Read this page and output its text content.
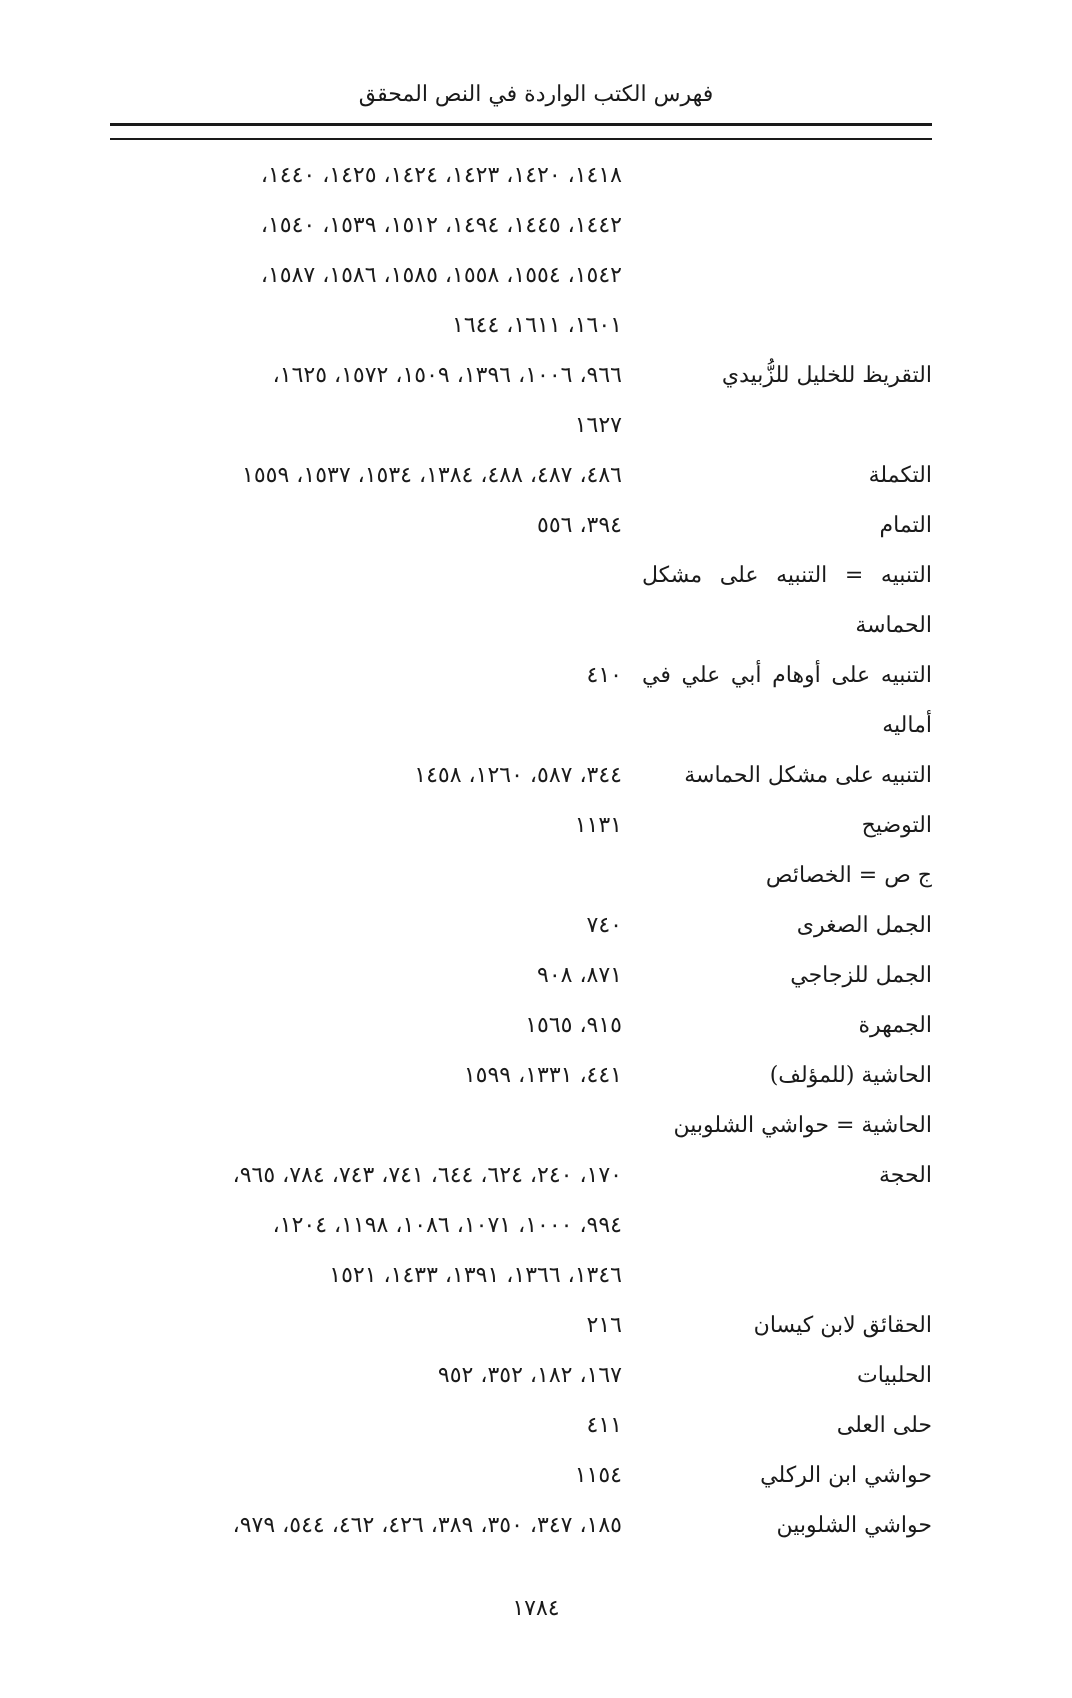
فهرس الكتب الواردة في النص المحقق
١٤١٨، ١٤٢٠، ١٤٢٣، ١٤٢٤، ١٤٢٥، ١٤٤٠،
١٤٤٢، ١٤٤٥، ١٤٩٤، ١٥١٢، ١٥٣٩، ١٥٤٠،
١٥٤٢، ١٥٥٤، ١٥٥٨، ١٥٨٥، ١٥٨٦، ١٥٨٧،
١٦٠١، ١٦١١، ١٦٤٤
التقريظ للخليل للزُّبيدي
٩٦٦، ١٠٠٦، ١٣٩٦، ١٥٠٩، ١٥٧٢، ١٦٢٥،
١٦٢٧
التكملة
٤٨٦، ٤٨٧، ٤٨٨، ١٣٨٤، ١٥٣٤، ١٥٣٧، ١٥٥٩
التمام
٣٩٤، ٥٥٦
التنبيه = التنبيه على مشكل
الحماسة
التنبيه على أوهام أبي علي في
٤١٠
أماليه
التنبيه على مشكل الحماسة
٣٤٤، ٥٨٧، ١٢٦٠، ١٤٥٨
التوضيح
١١٣١
ج ص = الخصائص
الجمل الصغرى
٧٤٠
الجمل للزجاجي
٨٧١، ٩٠٨
الجمهرة
٩١٥، ١٥٦٥
الحاشية (للمؤلف)
٤٤١، ١٣٣١، ١٥٩٩
الحاشية = حواشي الشلوبين
الحجة
١٧٠، ٢٤٠، ٦٢٤، ٦٤٤، ٧٤١، ٧٤٣، ٧٨٤، ٩٦٥،
٩٩٤، ١٠٠٠، ١٠٧١، ١٠٨٦، ١١٩٨، ١٢٠٤،
١٣٤٦، ١٣٦٦، ١٣٩١، ١٤٣٣، ١٥٢١
الحقائق لابن كيسان
٢١٦
الحلبيات
١٦٧، ١٨٢، ٣٥٢، ٩٥٢
حلى العلى
٤١١
حواشي ابن الركلي
١١٥٤
حواشي الشلوبين
١٨٥، ٣٤٧، ٣٥٠، ٣٨٩، ٤٢٦، ٤٦٢، ٥٤٤، ٩٧٩،
١٧٨٤
